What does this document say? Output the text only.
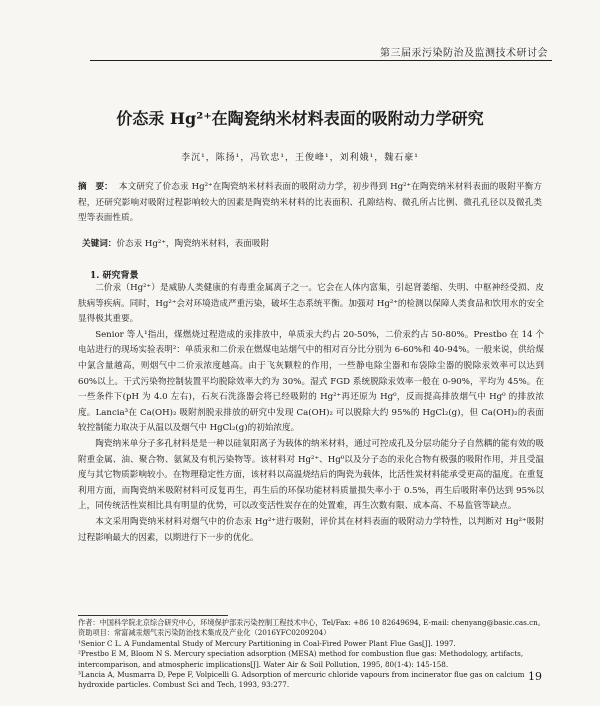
第三届汞污染防治及监测技术研讨会
价态汞 Hg²⁺在陶瓷纳米材料表面的吸附动力学研究
李沉¹，陈扬¹，冯钦忠¹，王俊峰¹，刘利娥¹，魏石豪¹
摘　要： 本文研究了价态汞 Hg²⁺在陶瓷纳米材料表面的吸附动力学，初步得到 Hg²⁺在陶瓷纳米材料表面的吸附平衡方程，还研究影响对吸附过程影响较大的因素是陶瓷纳米材料的比表面积、孔隙结构、微孔所占比例、微孔孔径以及微孔类型等表面性质。
关键词：价态汞 Hg²⁺，陶瓷纳米材料，表面吸附
1. 研究背景

二价汞（Hg²⁺）是威胁人类健康的有毒重金属离子之一。它会在人体内富集，引起肾萎缩、失明、中枢神经受损、皮肤病等疾病。同时，Hg²⁺会对环境造成严重污染，破坏生态系统平衡。加强对 Hg²⁺的检测以保障人类食品和饮用水的安全显得极其重要。

Senior 等人¹指出，煤燃烧过程造成的汞排放中，单质汞大约占 20-50%，二价汞约占 50-80%。Prestbo 在 14 个电站进行的现场实验表明²：单质汞和二价汞在燃煤电站烟气中的相对百分比分别为 6-60%和 40-94%。一般来说，供给煤中氯含量越高，则烟气中二价汞浓度越高。由于飞灰颗粒的作用，一些静电除尘器和布袋除尘器的脱除汞效率可以达到 60%以上。干式污染物控制装置平均脱除效率大约为 30%。湿式 FGD 系统脱除汞效率一般在 0-90%，平均为 45%。在一些条件下(pH 为 4.0 左右)，石灰石洗涤器会将已经吸附的 Hg²⁺再还原为 Hg⁰，反而提高排放烟气中 Hg⁰ 的排放浓度。Lancia³在 Ca(OH)₂ 吸附剂脱汞排放的研究中发现 Ca(OH)₂ 可以脱除大约 95%的 HgCl₂(g)，但 Ca(OH)₂的表面较控制能力取决于从温以及烟气中 HgCl₂(g)的初始浓度。

陶瓷纳米单分子多孔材料是是一种以硅氧阳离子为载体的纳米材料，通过可控成孔及分层功能分子自然耦的能有效的吸附重金属、油、聚合物、氨氮及有机污染物等。该材料对 Hg²⁺、Hg⁰以及分子态的汞化合物有极强的吸附作用，并且受温度与其它物质影响较小。在物理稳定性方面，该材料以高温烧结后的陶瓷为载体，比活性炭材料能承受更高的温度。在重复利用方面，而陶瓷纳米吸附材料可反复再生，再生后的环保功能材料质量损失率小于 0.5%，再生后吸附率仍达到 95%以上，同传统活性炭相比具有明显的优势，可以改变活性炭存在的处置难，再生次数有限、成本高、不易监管等缺点。

本文采用陶瓷纳米材料对烟气中的价态汞 Hg²⁺进行吸附，评价其在材料表面的吸附动力学特性，以判断对 Hg²⁺吸附过程影响最大的因素，以期进行下一步的优化。

作者：中国科学院北京综合研究中心，环境保护部汞污染控制工程技术中心，Tel/Fax: +86 10 82649694, E-mail: chenyang@basic.cas.cn。资助项目：常富减汞烟气汞污染防治技术集成及产业化（2016YFC0209204）
¹Senior C L. A Fundamental Study of Mercury Partitioning in Coal-Fired Power Plant Flue Gas[J]. 1997.
²Prestbo E M, Bloom N S. Mercury speciation adsorption (MESA) method for combustion flue gas: Methodology, artifacts, intercomparison, and atmospheric implications[J]. Water Air & Soil Pollution, 1995, 80(1-4): 145-158.
³Lancia A, Musmarra D, Pepe F, Volpicelli G. Adsorption of mercuric chloride vapours from incinerator flue gas on calcium hydroxide particles. Combust Sci and Tech, 1993, 93:277.
19
